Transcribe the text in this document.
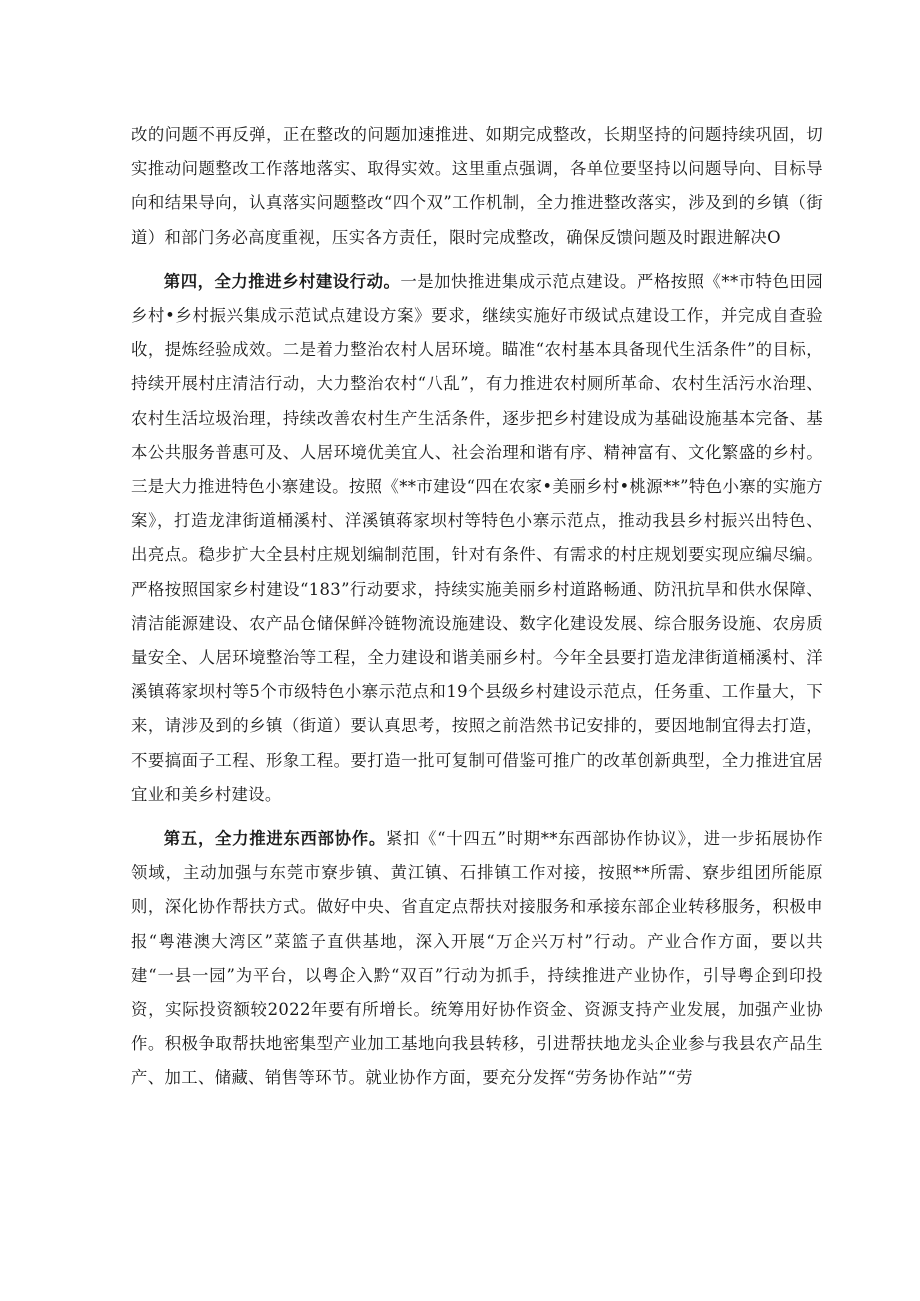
改的问题不再反弹，正在整改的问题加速推进、如期完成整改，长期坚持的问题持续巩固，切实推动问题整改工作落地落实、取得实效。这里重点强调，各单位要坚持以问题导向、目标导向和结果导向，认真落实问题整改“四个双”工作机制，全力推进整改落实，涉及到的乡镇（街道）和部门务必高度重视，压实各方责任，限时完成整改，确保反馈问题及时跟进解决O

第四，全力推进乡村建设行动。一是加快推进集成示范点建设。严格按照《**市特色田园乡村•乡村振兴集成示范试点建设方案》要求，继续实施好市级试点建设工作，并完成自查验收，提炼经验成效。二是着力整治农村人居环境。瞄准“农村基本具备现代生活条件”的目标，持续开展村庄清洁行动，大力整治农村“八乱”，有力推进农村厕所革命、农村生活污水治理、农村生活垃圾治理，持续改善农村生产生活条件，逐步把乡村建设成为基础设施基本完备、基本公共服务普惠可及、人居环境优美宜人、社会治理和谐有序、精神富有、文化繁盛的乡村。三是大力推进特色小寨建设。按照《**市建设“四在农家•美丽乡村•桃源**”特色小寨的实施方案》，打造龙津街道桶溪村、洋溪镇蒋家坝村等特色小寨示范点，推动我县乡村振兴出特色、出亮点。稳步扩大全县村庄规划编制范围，针对有条件、有需求的村庄规划要实现应编尽编。严格按照国家乡村建设“183”行动要求，持续实施美丽乡村道路畅通、防汛抗旱和供水保障、清洁能源建设、农产品仓储保鲜冷链物流设施建设、数字化建设发展、综合服务设施、农房质量安全、人居环境整治等工程，全力建设和谐美丽乡村。今年全县要打造龙津街道桶溪村、洋溪镇蒋家坝村等5个市级特色小寨示范点和19个县级乡村建设示范点，任务重、工作量大，下来，请涉及到的乡镇（街道）要认真思考，按照之前浩然书记安排的，要因地制宜得去打造，不要搞面子工程、形象工程。要打造一批可复制可借鉴可推广的改革创新典型，全力推进宜居宜业和美乡村建设。

第五，全力推进东西部协作。紧扣《“十四五”时期**东西部协作协议》，进一步拓展协作领域，主动加强与东莞市寮步镇、黄江镇、石排镇工作对接，按照**所需、寮步组团所能原则，深化协作帮扶方式。做好中央、省直定点帮扶对接服务和承接东部企业转移服务，积极申报“粤港澳大湾区”菜篮子直供基地，深入开展“万企兴万村”行动。产业合作方面，要以共建“一县一园”为平台，以粤企入黔“双百”行动为抓手，持续推进产业协作，引导粤企到印投资，实际投资额较2022年要有所增长。统筹用好协作资金、资源支持产业发展，加强产业协作。积极争取帮扶地密集型产业加工基地向我县转移，引进帮扶地龙头企业参与我县农产品生产、加工、储藏、销售等环节。就业协作方面，要充分发挥“劳务协作站”“劳
